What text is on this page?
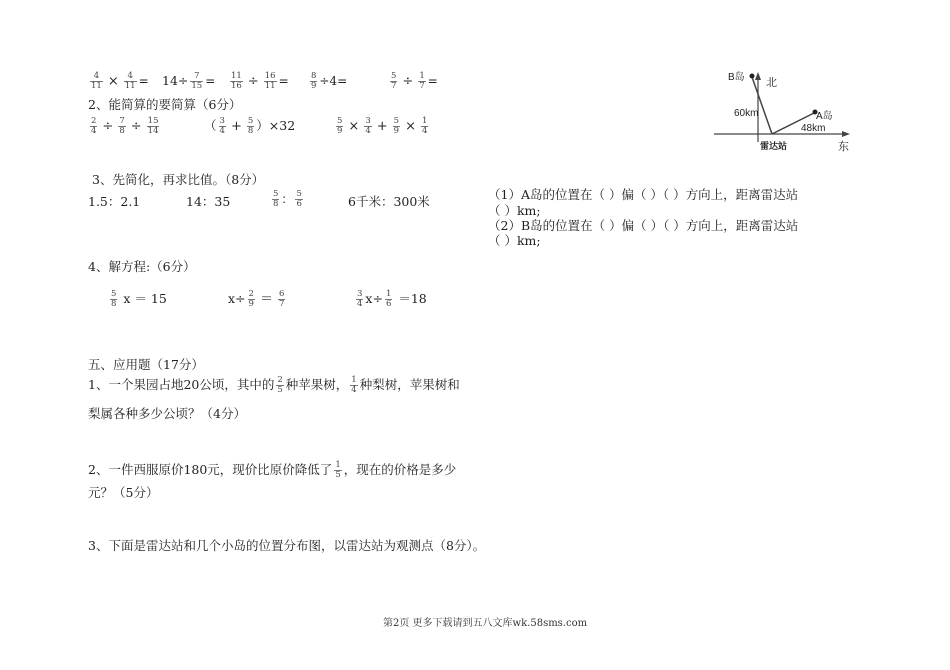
$\frac{4}{11} \times \frac{4}{11} = 14\div \frac{7}{15} = \frac{11}{16} \div \frac{16}{11}$ =	$\frac{8}{9} \div 4=$	$\frac{5}{7} \div \frac{1}{7}$ =
2、能简算的要简算（6分）
$\frac{2}{4} \div \frac{7}{8} \div \frac{15}{14}$	（ $\frac{3}{4} + \frac{5}{8} )\times 32$	$\frac{5}{9} \times \frac{3}{4} + \frac{5}{9} \times \frac{1}{4}$
3、先简化，再求比值。（8分）
1.5：2.1	14：35	$\frac{5}{8}$ ： $\frac{5}{6}$	6千米：300米
4、解方程:（6分）
$\frac{5}{8}$ x ＝ 15	$x\div \frac{2}{9} = \frac{6}{7}$	$\frac{3}{4} x\div \frac{1}{6} =18$
五、应用题（17分）
1、一个果园占地20公顷，其中的 $\frac{2}{5}$ 种苹果树， $\frac{1}{4}$ 种梨树，苹果树和
梨属各种多少公顷？（4分）
2、一件西服原价180元，现价比原价降低了 $\frac{1}{5}$ ，现在的价格是多少
元？（5分）
3、下面是雷达站和几个小岛的位置分布图，以雷达站为观测点（8分）。
B岛 北
A岛
60km
48km
雷达站	东
（1）A岛的位置在（ ）偏（ ）（ ）方向上，距离雷达站
（ ）km;
（2）B岛的位置在（ ）偏（ ）（ ）方向上，距离雷达站
（ ）km;
第2页 更多下载请到五八文库wk.58sms.com
